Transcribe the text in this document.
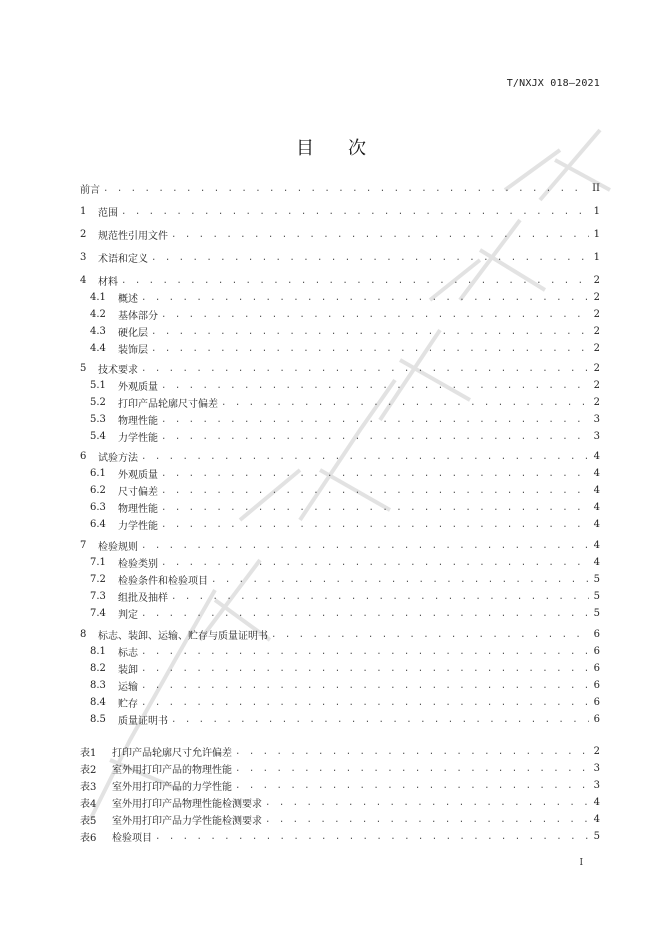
T/NXJX 018—2021
目 次
前言 . . .	II
1	范围 . . .	1
2	规范性引用文件 . . .	1
3	术语和定义 . . .	1
4	材料 . . .	2
4.1	概述 . . .	2
4.2	基体部分 . . .	2
4.3	硬化层 . . .	2
4.4	装饰层 . . .	2
5	技术要求 . . .	2
5.1	外观质量 . . .	2
5.2	打印产品轮廓尺寸偏差 . . .	2
5.3	物理性能 . . .	3
5.4	力学性能 . . .	3
6	试验方法 . . .	4
6.1	外观质量 . . .	4
6.2	尺寸偏差 . . .	4
6.3	物理性能 . . .	4
6.4	力学性能 . . .	4
7	检验规则 . . .	4
7.1	检验类别 . . .	4
7.2	检验条件和检验项目 . . .	5
7.3	组批及抽样 . . .	5
7.4	判定 . . .	5
8	标志、装卸、运输、贮存与质量证明书 . . .	6
8.1	标志 . . .	6
8.2	装卸 . . .	6
8.3	运输 . . .	6
8.4	贮存 . . .	6
8.5	质量证明书 . . .	6
表1	打印产品轮廓尺寸允许偏差 . . .	2
表2	室外用打印产品的物理性能 . . .	3
表3	室外用打印产品的力学性能 . . .	3
表4	室外用打印产品物理性能检测要求 . . .	4
表5	室外用打印产品力学性能检测要求 . . .	4
表6	检验项目 . . .	5
I
